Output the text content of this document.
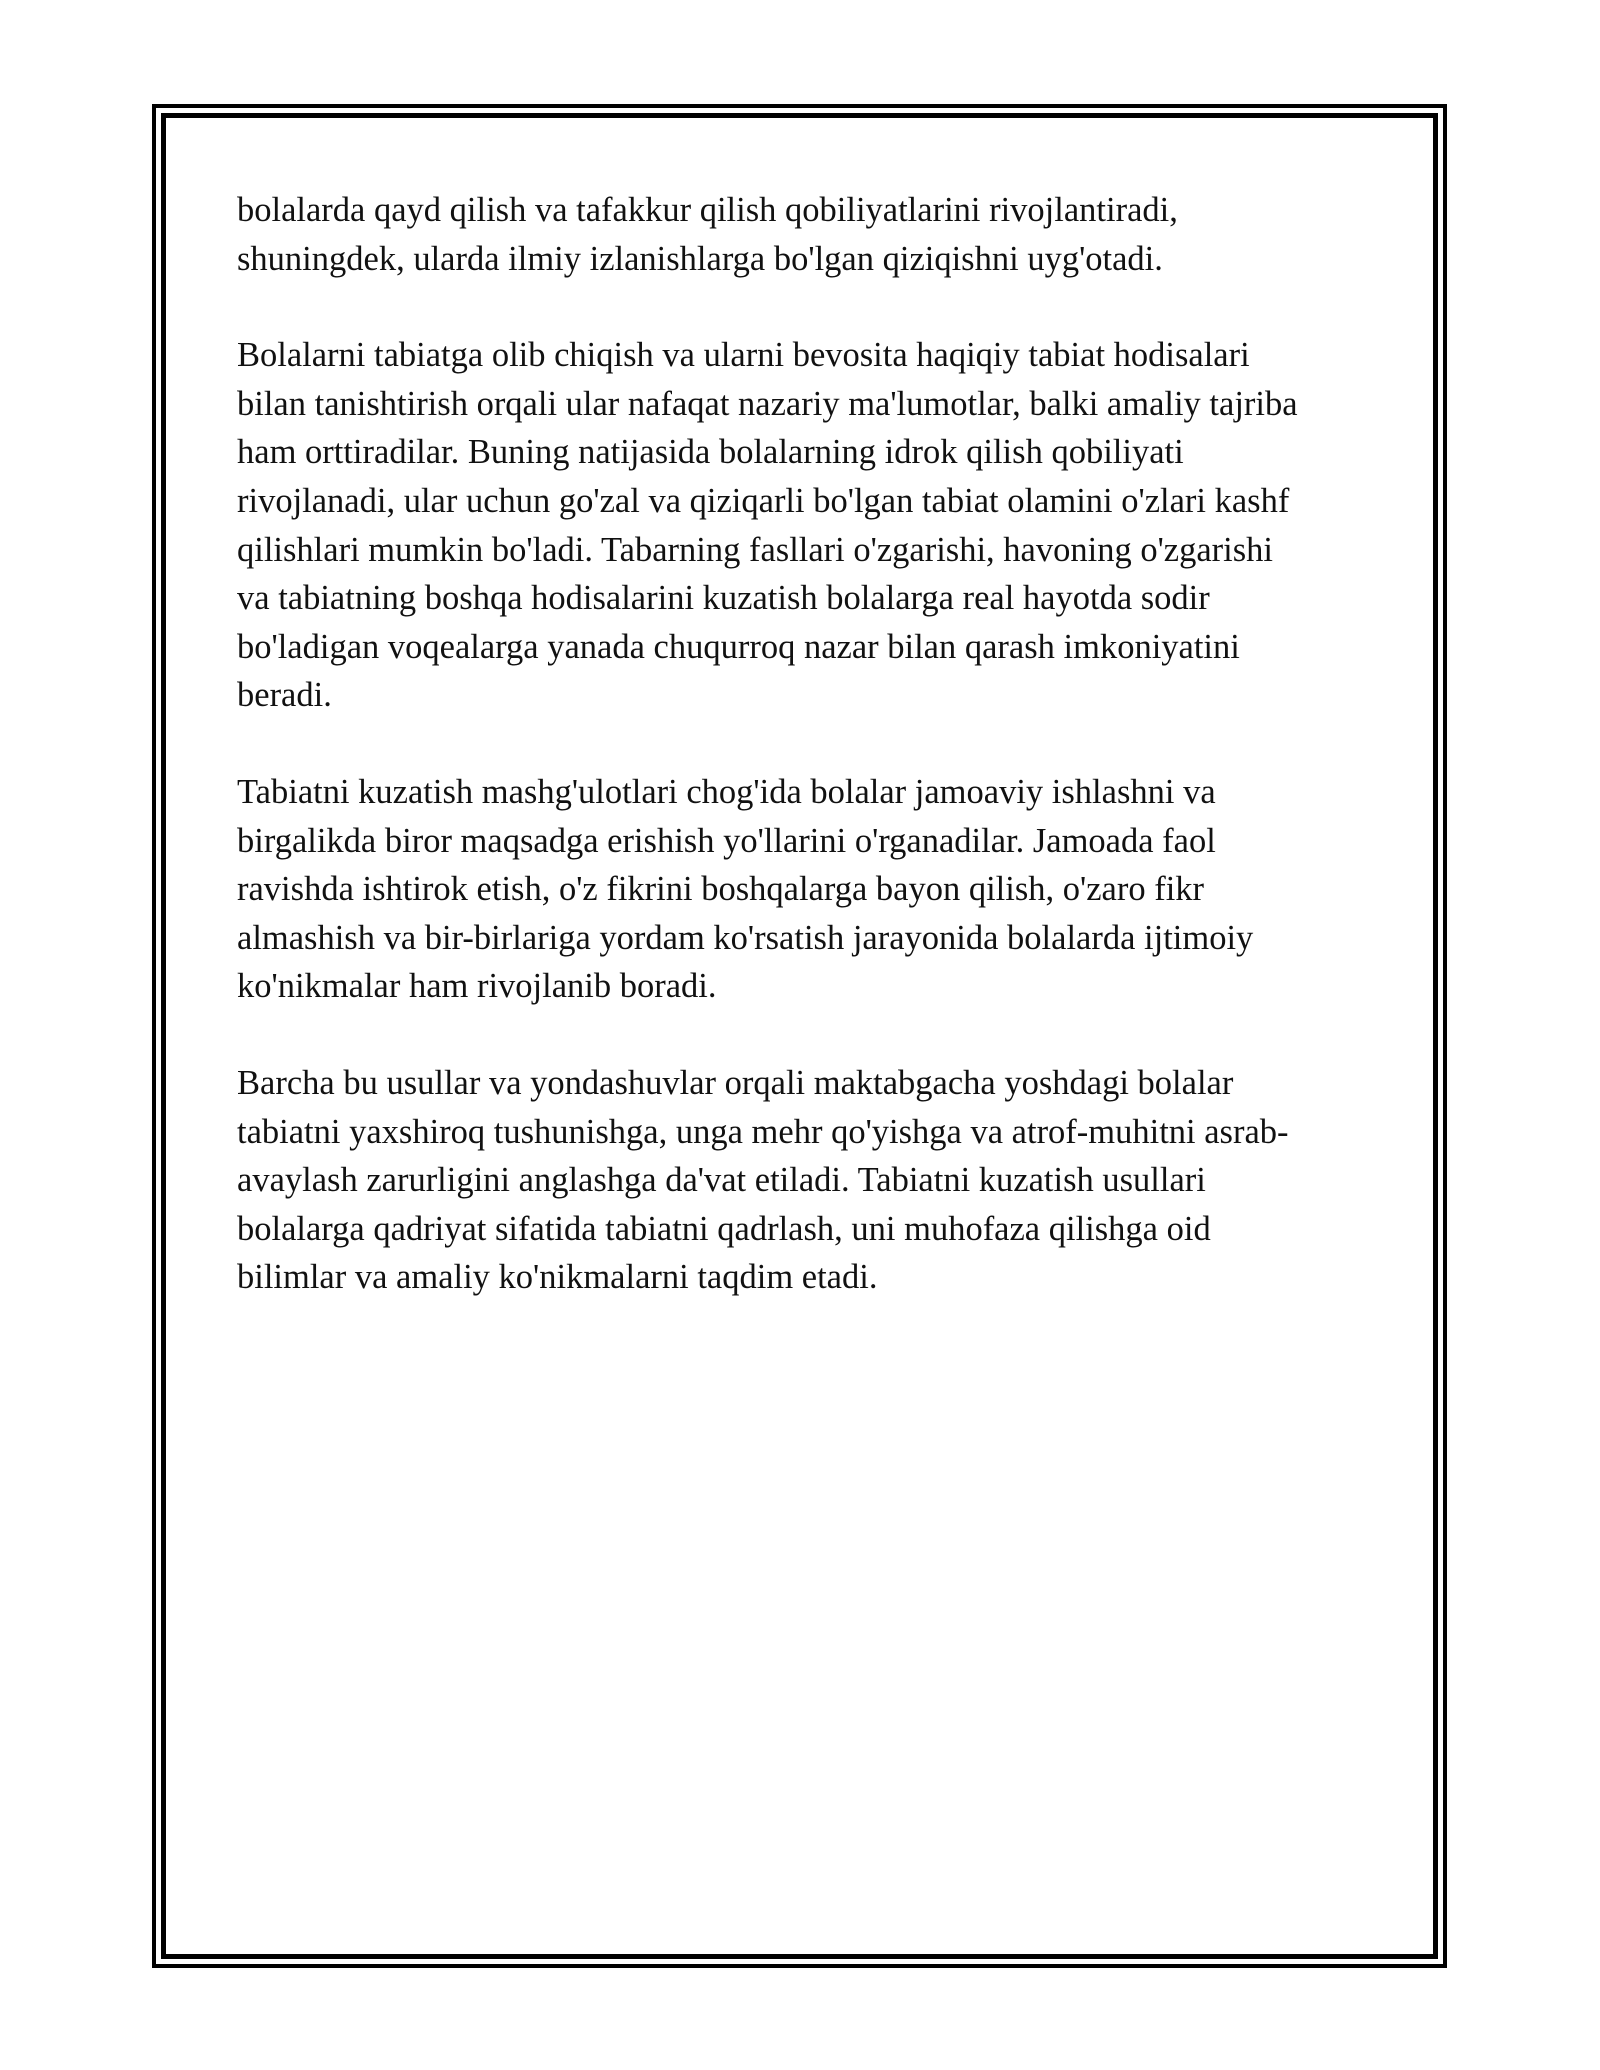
bolalarda qayd qilish va tafakkur qilish qobiliyatlarini rivojlantiradi,
shuningdek, ularda ilmiy izlanishlarga bo'lgan qiziqishni uyg'otadi.

Bolalarni tabiatga olib chiqish va ularni bevosita haqiqiy tabiat hodisalari
bilan tanishtirish orqali ular nafaqat nazariy ma'lumotlar, balki amaliy tajriba
ham orttiradilar. Buning natijasida bolalarning idrok qilish qobiliyati
rivojlanadi, ular uchun go'zal va qiziqarli bo'lgan tabiat olamini o'zlari kashf
qilishlari mumkin bo'ladi. Tabarning fasllari o'zgarishi, havoning o'zgarishi
va tabiatning boshqa hodisalarini kuzatish bolalarga real hayotda sodir
bo'ladigan voqealarga yanada chuqurroq nazar bilan qarash imkoniyatini
beradi.

Tabiatni kuzatish mashg'ulotlari chog'ida bolalar jamoaviy ishlashni va
birgalikda biror maqsadga erishish yo'llarini o'rganadilar. Jamoada faol
ravishda ishtirok etish, o'z fikrini boshqalarga bayon qilish, o'zaro fikr
almashish va bir-birlariga yordam ko'rsatish jarayonida bolalarda ijtimoiy
ko'nikmalar ham rivojlanib boradi.

Barcha bu usullar va yondashuvlar orqali maktabgacha yoshdagi bolalar
tabiatni yaxshiroq tushunishga, unga mehr qo'yishga va atrof-muhitni asrab-
avaylash zarurligini anglashga da'vat etiladi. Tabiatni kuzatish usullari
bolalarga qadriyat sifatida tabiatni qadrlash, uni muhofaza qilishga oid
bilimlar va amaliy ko'nikmalarni taqdim etadi.
